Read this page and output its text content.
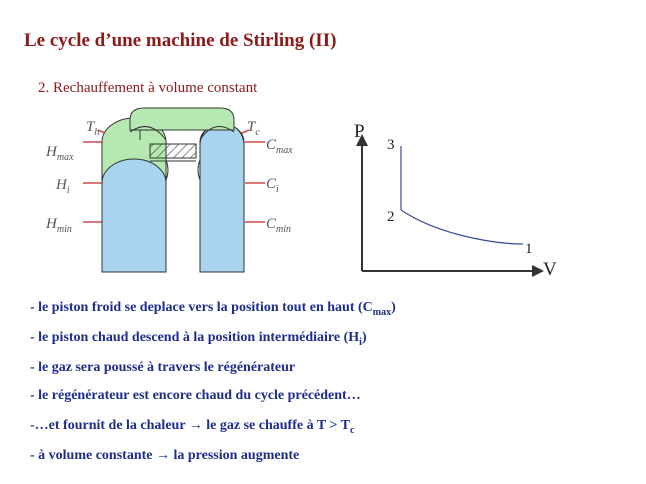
Le cycle d’une machine de Stirling (II)
2. Rechauffement à volume constant
$T_h$
$H_{max}$
$H_i$
$H_{min}$
$T_c$
$C_{max}$
$C_i$
$C_{min}$
P
V
3
2
1
- le piston froid se deplace vers la position tout en haut $(C_{max})$
- le piston chaud descend à la position intermédiaire $(H_i)$
- le gaz sera poussé à travers le régénérateur
- le régénérateur est encore chaud du cycle précédent…
-…et fournit de la chaleur → le gaz se chauffe à $T > T_c$
- à volume constante → la pression augmente
